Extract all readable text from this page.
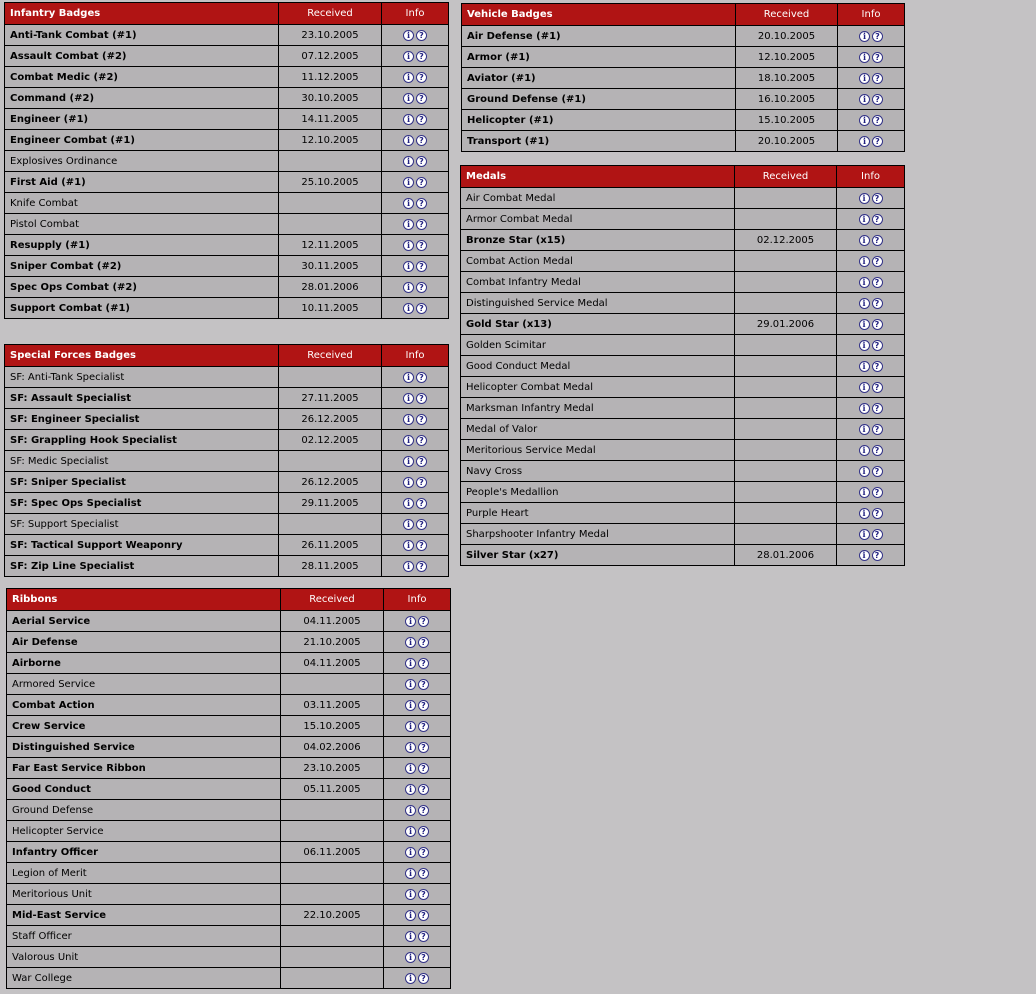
Infantry Badges	Received	Info
Anti-Tank Combat (#1)	23.10.2005	i ?
Assault Combat (#2)	07.12.2005	i ?
Combat Medic (#2)	11.12.2005	i ?
Command (#2)	30.10.2005	i ?
Engineer (#1)	14.11.2005	i ?
Engineer Combat (#1)	12.10.2005	i ?
Explosives Ordinance		i ?
First Aid (#1)	25.10.2005	i ?
Knife Combat		i ?
Pistol Combat		i ?
Resupply (#1)	12.11.2005	i ?
Sniper Combat (#2)	30.11.2005	i ?
Spec Ops Combat (#2)	28.01.2006	i ?
Support Combat (#1)	10.11.2005	i ?
Special Forces Badges	Received	Info
SF: Anti-Tank Specialist		i ?
SF: Assault Specialist	27.11.2005	i ?
SF: Engineer Specialist	26.12.2005	i ?
SF: Grappling Hook Specialist	02.12.2005	i ?
SF: Medic Specialist		i ?
SF: Sniper Specialist	26.12.2005	i ?
SF: Spec Ops Specialist	29.11.2005	i ?
SF: Support Specialist		i ?
SF: Tactical Support Weaponry	26.11.2005	i ?
SF: Zip Line Specialist	28.11.2005	i ?
Ribbons	Received	Info
Aerial Service	04.11.2005	i ?
Air Defense	21.10.2005	i ?
Airborne	04.11.2005	i ?
Armored Service		i ?
Combat Action	03.11.2005	i ?
Crew Service	15.10.2005	i ?
Distinguished Service	04.02.2006	i ?
Far East Service Ribbon	23.10.2005	i ?
Good Conduct	05.11.2005	i ?
Ground Defense		i ?
Helicopter Service		i ?
Infantry Officer	06.11.2005	i ?
Legion of Merit		i ?
Meritorious Unit		i ?
Mid-East Service	22.10.2005	i ?
Staff Officer		i ?
Valorous Unit		i ?
War College		i ?
Vehicle Badges	Received	Info
Air Defense (#1)	20.10.2005	i ?
Armor (#1)	12.10.2005	i ?
Aviator (#1)	18.10.2005	i ?
Ground Defense (#1)	16.10.2005	i ?
Helicopter (#1)	15.10.2005	i ?
Transport (#1)	20.10.2005	i ?
Medals	Received	Info
Air Combat Medal		i ?
Armor Combat Medal		i ?
Bronze Star (x15)	02.12.2005	i ?
Combat Action Medal		i ?
Combat Infantry Medal		i ?
Distinguished Service Medal		i ?
Gold Star (x13)	29.01.2006	i ?
Golden Scimitar		i ?
Good Conduct Medal		i ?
Helicopter Combat Medal		i ?
Marksman Infantry Medal		i ?
Medal of Valor		i ?
Meritorious Service Medal		i ?
Navy Cross		i ?
People's Medallion		i ?
Purple Heart		i ?
Sharpshooter Infantry Medal		i ?
Silver Star (x27)	28.01.2006	i ?
